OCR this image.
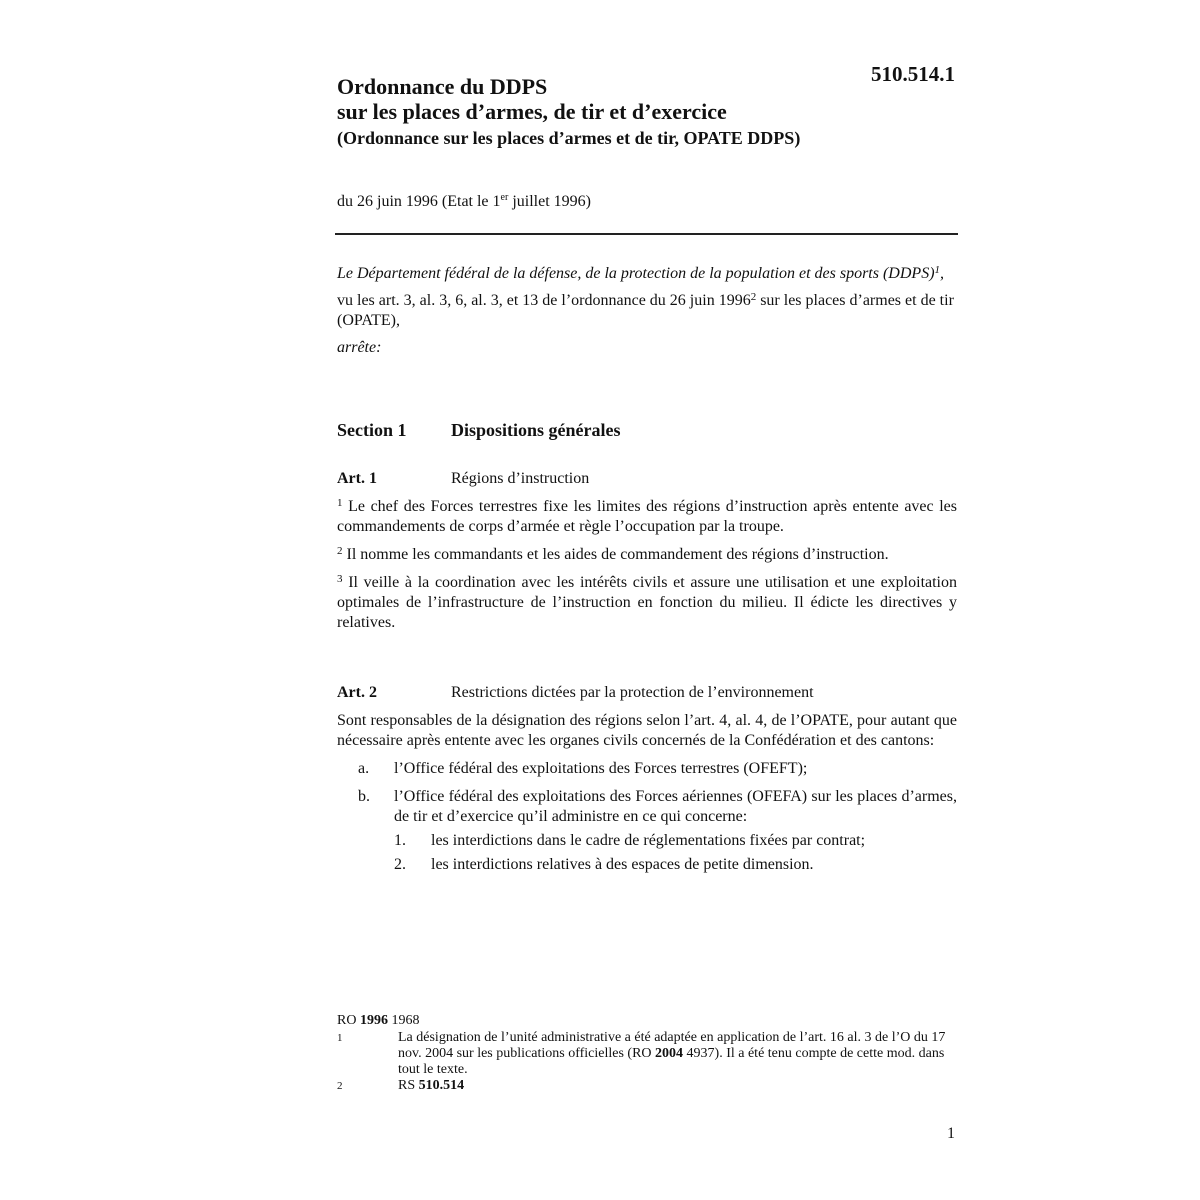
510.514.1
Ordonnance du DDPS
sur les places d’armes, de tir et d’exercice
(Ordonnance sur les places d’armes et de tir, OPATE DDPS)
du 26 juin 1996 (Etat le 1er juillet 1996)

Le Département fédéral de la défense, de la protection de la population et des sports (DDPS)$^1$,

vu les art. 3, al. 3, 6, al. 3, et 13 de l’ordonnance du 26 juin 1996$^2$ sur les places d’armes et de tir (OPATE),

arrête:

Section 1 Dispositions générales
Art. 1	Régions d’instruction

$^1$ Le chef des Forces terrestres fixe les limites des régions d’instruction après entente avec les commandements de corps d’armée et règle l’occupation par la troupe.

$^2$ Il nomme les commandants et les aides de commandement des régions d’instruction.

$^3$ Il veille à la coordination avec les intérêts civils et assure une utilisation et une exploitation optimales de l’infrastructure de l’instruction en fonction du milieu. Il édicte les directives y relatives.

Art. 2	Restrictions dictées par la protection de l’environnement

Sont responsables de la désignation des régions selon l’art. 4, al. 4, de l’OPATE, pour autant que nécessaire après entente avec les organes civils concernés de la Confédération et des cantons:

a.	l’Office fédéral des exploitations des Forces terrestres (OFEFT);
b.	l’Office fédéral des exploitations des Forces aériennes (OFEFA) sur les places d’armes, de tir et d’exercice qu’il administre en ce qui concerne:
1.	les interdictions dans le cadre de réglementations fixées par contrat;
2.	les interdictions relatives à des espaces de petite dimension.
RO 1996 1968
1	La désignation de l’unité administrative a été adaptée en application de l’art. 16 al. 3 de l’O du 17 nov. 2004 sur les publications officielles (RO 2004 4937). Il a été tenu compte de cette mod. dans tout le texte.
2	RS 510.514
1
